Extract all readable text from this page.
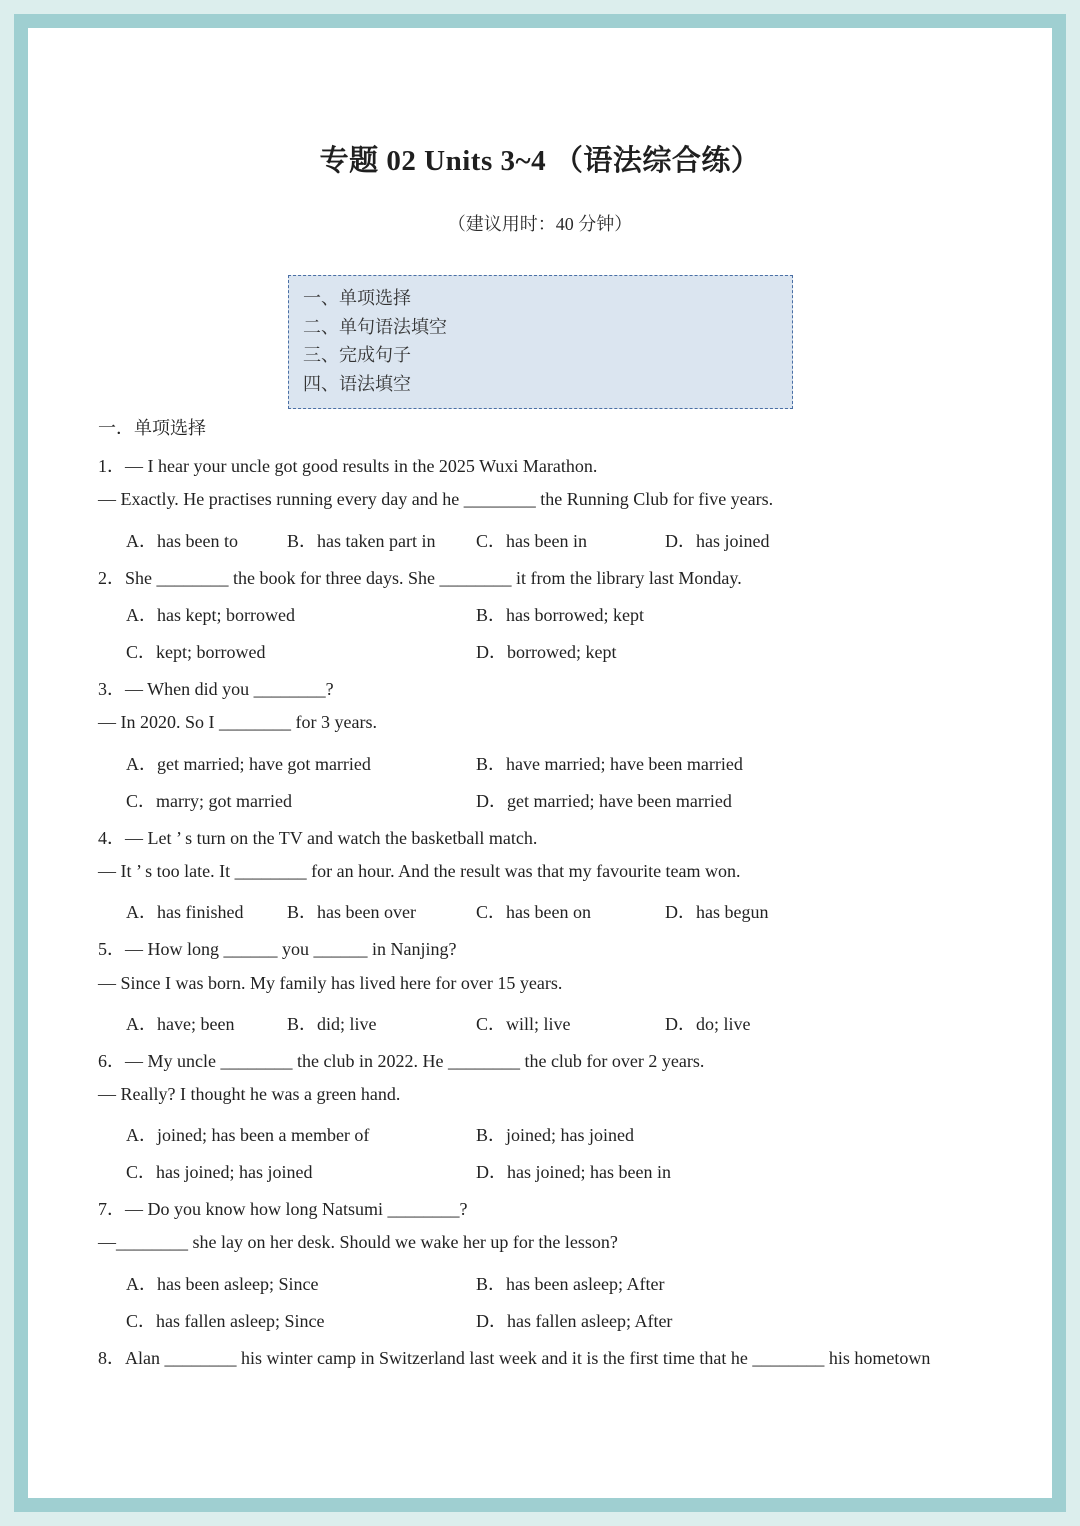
专题 02 Units 3~4 （语法综合练）
（建议用时：40 分钟）
一、单项选择
二、单句语法填空
三、完成句子
四、语法填空
一．单项选择
1．— I hear your uncle got good results in the 2025 Wuxi Marathon.
— Exactly. He practises running every day and he ________ the Running Club for five years.
A．has been to	B．has taken part in C．has been in	D．has joined
2．She ________ the book for three days. She ________ it from the library last Monday.
A．has kept; borrowed	B．has borrowed; kept
C．kept; borrowed	D．borrowed; kept
3．— When did you ________?
— In 2020. So I ________ for 3 years.
A．get married; have got married	B．have married; have been married
C．marry; got married	D．get married; have been married
4．— Let ’ s turn on the TV and watch the basketball match.
— It ’ s too late. It ________ for an hour. And the result was that my favourite team won.
A．has finished B．has been over	C．has been on	D．has begun
5．— How long ______ you ______ in Nanjing?
— Since I was born. My family has lived here for over 15 years.
A．have; been	B．did; live	C．will; live	D．do; live
6．— My uncle ________ the club in 2022. He ________ the club for over 2 years.
— Really? I thought he was a green hand.
A．joined; has been a member of	B．joined; has joined
C．has joined; has joined	D．has joined; has been in
7．— Do you know how long Natsumi ________?
—________ she lay on her desk. Should we wake her up for the lesson?
A．has been asleep; Since	B．has been asleep; After
C．has fallen asleep; Since	D．has fallen asleep; After
8．Alan ________ his winter camp in Switzerland last week and it is the first time that he ________ his hometown
